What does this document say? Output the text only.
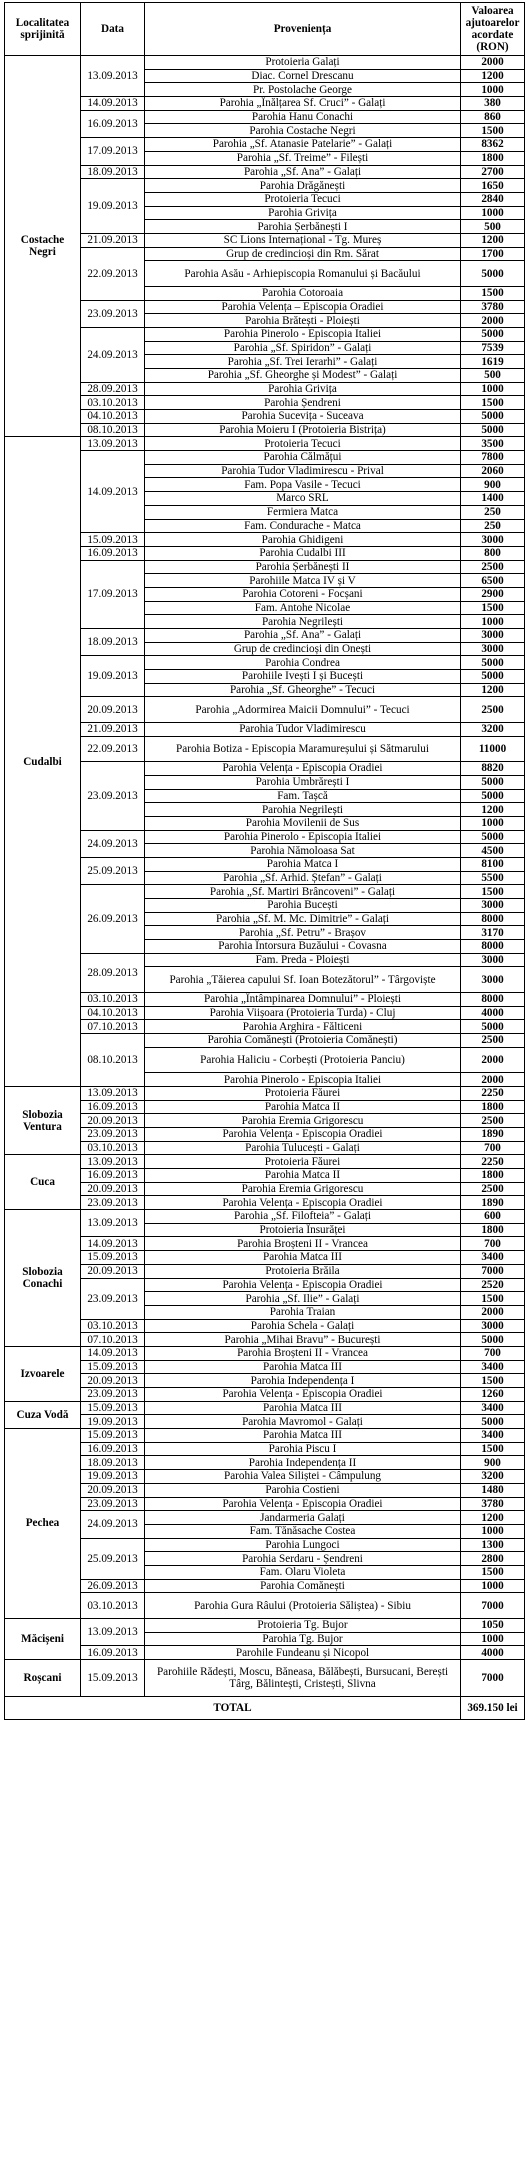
Localitatea sprijinită	Data	Proveniența	Valoarea ajutoarelor acordate (RON)
Costache Negri	13.09.2013	Protoieria Galați	2000
		Diac. Cornel Drescanu	1200
		Pr. Postolache George	1000
	14.09.2013	Parohia „Înălțarea Sf. Cruci” - Galați	380
	16.09.2013	Parohia Hanu Conachi	860
		Parohia Costache Negri	1500
	17.09.2013	Parohia „Sf. Atanasie Patelarie” - Galați	8362
		Parohia „Sf. Treime” - Filești	1800
	18.09.2013	Parohia „Sf. Ana” - Galați	2700
	19.09.2013	Parohia Drăgănești	1650
		Protoieria Tecuci	2840
		Parohia Grivița	1000
		Parohia Șerbănești I	500
	21.09.2013	SC Lions Internațional - Tg. Mureș	1200
	22.09.2013	Grup de credincioși din Rm. Sărat	1700
		Parohia Asău - Arhiepiscopia Romanului și Bacăului	5000
		Parohia Cotoroaia	1500
	23.09.2013	Parohia Velența – Episcopia Oradiei	3780
		Parohia Brătești - Ploiești	2000
	24.09.2013	Parohia Pinerolo - Episcopia Italiei	5000
		Parohia „Sf. Spiridon” - Galați	7539
		Parohia „Sf. Trei Ierarhi” - Galați	1619
		Parohia „Sf. Gheorghe și Modest” - Galați	500
	28.09.2013	Parohia Grivița	1000
	03.10.2013	Parohia Șendreni	1500
	04.10.2013	Parohia Sucevița - Suceava	5000
	08.10.2013	Parohia Moieru I (Protoieria Bistrița)	5000
Cudalbi	13.09.2013	Protoieria Tecuci	3500
	14.09.2013	Parohia Călmățui	7800
		Parohia Tudor Vladimirescu - Prival	2060
		Fam. Popa Vasile - Tecuci	900
		Marco SRL	1400
		Fermiera Matca	250
		Fam. Condurache - Matca	250
	15.09.2013	Parohia Ghidigeni	3000
	16.09.2013	Parohia Cudalbi III	800
	17.09.2013	Parohia Șerbănești II	2500
		Parohiile Matca IV și V	6500
		Parohia Cotoreni - Focșani	2900
		Fam. Antohe Nicolae	1500
		Parohia Negrilești	1000
	18.09.2013	Parohia „Sf. Ana” - Galați	3000
		Grup de credincioși din Onești	3000
	19.09.2013	Parohia Condrea	5000
		Parohiile Ivești I și Bucești	5000
		Parohia „Sf. Gheorghe” - Tecuci	1200
	20.09.2013	Parohia „Adormirea Maicii Domnului” - Tecuci	2500
	21.09.2013	Parohia Tudor Vladimirescu	3200
	22.09.2013	Parohia Botiza - Episcopia Maramureșului și Sătmarului	11000
	23.09.2013	Parohia Velența - Episcopia Oradiei	8820
		Parohia Umbrărești I	5000
		Fam. Tașcă	5000
		Parohia Negrilești	1200
		Parohia Movilenii de Sus	1000
	24.09.2013	Parohia Pinerolo - Episcopia Italiei	5000
		Parohia Nămoloasa Sat	4500
	25.09.2013	Parohia Matca I	8100
		Parohia „Sf. Arhid. Ștefan” - Galați	5500
	26.09.2013	Parohia „Sf. Martiri Brâncoveni” - Galați	1500
		Parohia Bucești	3000
		Parohia „Sf. M. Mc. Dimitrie” - Galați	8000
		Parohia „Sf. Petru” - Brașov	3170
		Parohia Întorsura Buzăului - Covasna	8000
	28.09.2013	Fam. Preda - Ploiești	3000
		Parohia „Tăierea capului Sf. Ioan Botezătorul” - Târgoviște	3000
	03.10.2013	Parohia „Întâmpinarea Domnului” - Ploiești	8000
	04.10.2013	Parohia Viișoara (Protoieria Turda) - Cluj	4000
	07.10.2013	Parohia Arghira - Fălticeni	5000
	08.10.2013	Parohia Comănești (Protoieria Comănești)	2500
		Parohia Haliciu - Corbești (Protoieria Panciu)	2000
		Parohia Pinerolo - Episcopia Italiei	2000
Slobozia Ventura	13.09.2013	Protoieria Făurei	2250
	16.09.2013	Parohia Matca II	1800
	20.09.2013	Parohia Eremia Grigorescu	2500
	23.09.2013	Parohia Velența - Episcopia Oradiei	1890
	03.10.2013	Parohia Tulucești - Galați	700
Cuca	13.09.2013	Protoieria Făurei	2250
	16.09.2013	Parohia Matca II	1800
	20.09.2013	Parohia Eremia Grigorescu	2500
	23.09.2013	Parohia Velența - Episcopia Oradiei	1890
Slobozia Conachi	13.09.2013	Parohia „Sf. Filofteia” - Galați	600
		Protoieria Însurăței	1800
	14.09.2013	Parohia Broșteni II - Vrancea	700
	15.09.2013	Parohia Matca III	3400
	20.09.2013	Protoieria Brăila	7000
	23.09.2013	Parohia Velența - Episcopia Oradiei	2520
		Parohia „Sf. Ilie” - Galați	1500
		Parohia Traian	2000
	03.10.2013	Parohia Schela - Galați	3000
	07.10.2013	Parohia „Mihai Bravu” - București	5000
Izvoarele	14.09.2013	Parohia Broșteni II - Vrancea	700
	15.09.2013	Parohia Matca III	3400
	20.09.2013	Parohia Independența I	1500
	23.09.2013	Parohia Velența - Episcopia Oradiei	1260
Cuza Vodă	15.09.2013	Parohia Matca III	3400
	19.09.2013	Parohia Mavromol - Galați	5000
Pechea	15.09.2013	Parohia Matca III	3400
	16.09.2013	Parohia Piscu I	1500
	18.09.2013	Parohia Independența II	900
	19.09.2013	Parohia Valea Siliștei - Câmpulung	3200
	20.09.2013	Parohia Costieni	1480
	23.09.2013	Parohia Velența - Episcopia Oradiei	3780
	24.09.2013	Jandarmeria Galați	1200
		Fam. Tănăsache Costea	1000
	25.09.2013	Parohia Lungoci	1300
		Parohia Serdaru - Șendreni	2800
		Fam. Olaru Violeta	1500
	26.09.2013	Parohia Comănești	1000
	03.10.2013	Parohia Gura Râului (Protoieria Săliștea) - Sibiu	7000
Măcișeni	13.09.2013	Protoieria Tg. Bujor	1050
		Parohia Tg. Bujor	1000
	16.09.2013	Parohile Fundeanu și Nicopol	4000
Roșcani	15.09.2013	Parohiile Rădești, Moscu, Băneasa, Bălăbești, Bursucani, Berești Târg, Bălintești, Cristești, Slivna	7000
TOTAL			369.150 lei
